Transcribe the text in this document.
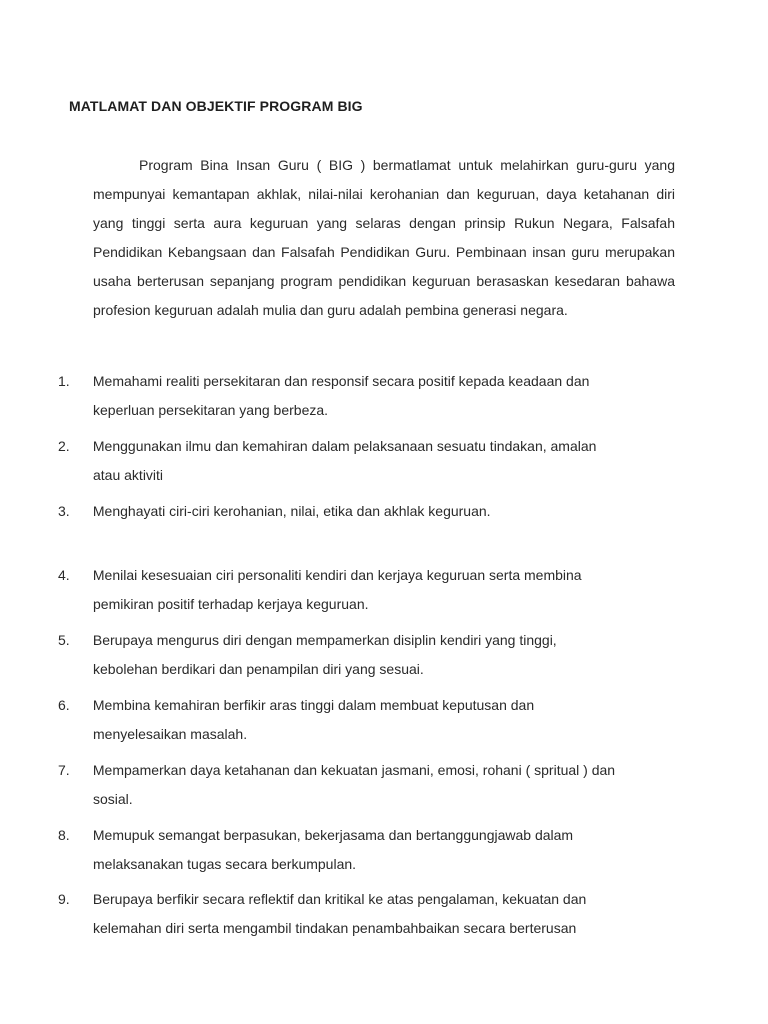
MATLAMAT DAN OBJEKTIF PROGRAM BIG

Program Bina Insan Guru ( BIG ) bermatlamat untuk melahirkan guru-guru yang mempunyai kemantapan akhlak, nilai-nilai kerohanian dan keguruan, daya ketahanan diri yang tinggi serta aura keguruan yang selaras dengan prinsip Rukun Negara, Falsafah Pendidikan Kebangsaan dan Falsafah Pendidikan Guru. Pembinaan insan guru merupakan usaha berterusan sepanjang program pendidikan keguruan berasaskan kesedaran bahawa profesion keguruan adalah mulia dan guru adalah pembina generasi negara.

1.	Memahami realiti persekitaran dan responsif secara positif kepada keadaan dan
keperluan persekitaran yang berbeza.
2.	Menggunakan ilmu dan kemahiran dalam pelaksanaan sesuatu tindakan, amalan
atau aktiviti
3.	Menghayati ciri-ciri kerohanian, nilai, etika dan akhlak keguruan.
4.	Menilai kesesuaian ciri personaliti kendiri dan kerjaya keguruan serta membina
pemikiran positif terhadap kerjaya keguruan.
5.	Berupaya mengurus diri dengan mempamerkan disiplin kendiri yang tinggi,
kebolehan berdikari dan penampilan diri yang sesuai.
6.	Membina kemahiran berfikir aras tinggi dalam membuat keputusan dan
menyelesaikan masalah.
7.	Mempamerkan daya ketahanan dan kekuatan jasmani, emosi, rohani ( spritual ) dan
sosial.
8.	Memupuk semangat berpasukan, bekerjasama dan bertanggungjawab dalam
melaksanakan tugas secara berkumpulan.
9.	Berupaya berfikir secara reflektif dan kritikal ke atas pengalaman, kekuatan dan
kelemahan diri serta mengambil tindakan penambahbaikan secara berterusan
